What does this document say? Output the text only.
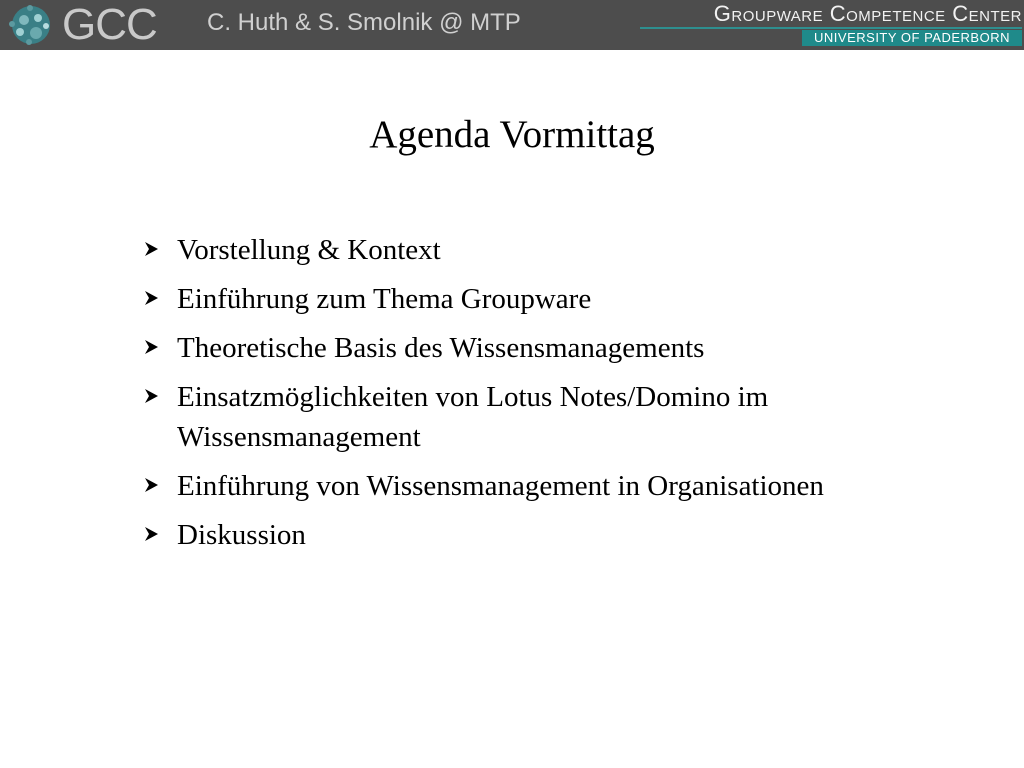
GCC C. Huth & S. Smolnik @ MTP	Groupware Competence Center
UNIVERSITY OF PADERBORN
Agenda Vormittag
Vorstellung & Kontext
Einführung zum Thema Groupware
Theoretische Basis des Wissensmanagements
Einsatzmöglichkeiten von Lotus Notes/Domino im Wissensmanagement
Einführung von Wissensmanagement in Organisationen
Diskussion
